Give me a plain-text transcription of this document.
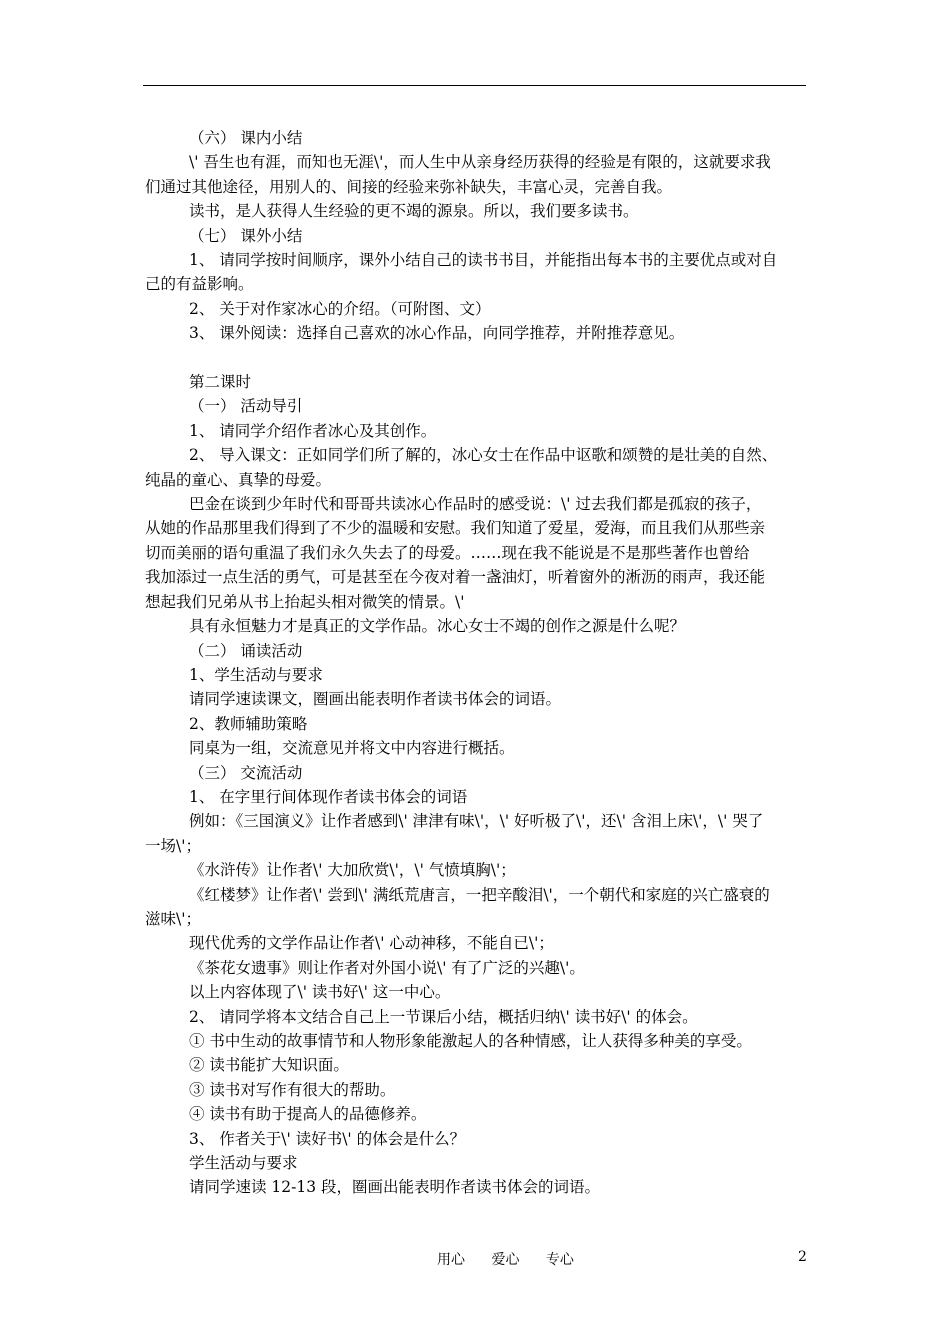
（六） 课内小结

\' 吾生也有涯，而知也无涯\'，而人生中从亲身经历获得的经验是有限的，这就要求我

们通过其他途径，用别人的、间接的经验来弥补缺失，丰富心灵，完善自我。

读书，是人获得人生经验的更不竭的源泉。所以，我们要多读书。

（七） 课外小结

1、 请同学按时间顺序，课外小结自己的读书书目，并能指出每本书的主要优点或对自

己的有益影响。

2、 关于对作家冰心的介绍。（可附图、文）

3、 课外阅读：选择自己喜欢的冰心作品，向同学推荐，并附推荐意见。

第二课时

（一） 活动导引

1、 请同学介绍作者冰心及其创作。

2、 导入课文：正如同学们所了解的，冰心女士在作品中讴歌和颂赞的是壮美的自然、

纯晶的童心、真挚的母爱。

巴金在谈到少年时代和哥哥共读冰心作品时的感受说：\' 过去我们都是孤寂的孩子，

从她的作品那里我们得到了不少的温暖和安慰。我们知道了爱星，爱海，而且我们从那些亲

切而美丽的语句重温了我们永久失去了的母爱。……现在我不能说是不是那些著作也曾给

我加添过一点生活的勇气，可是甚至在今夜对着一盏油灯，听着窗外的淅沥的雨声，我还能

想起我们兄弟从书上抬起头相对微笑的情景。\'

具有永恒魅力才是真正的文学作品。冰心女士不竭的创作之源是什么呢？

（二） 诵读活动

1、学生活动与要求

请同学速读课文，圈画出能表明作者读书体会的词语。

2、教师辅助策略

同桌为一组，交流意见并将文中内容进行概括。

（三） 交流活动

1、 在字里行间体现作者读书体会的词语

例如：《三国演义》让作者感到\' 津津有味\'，\' 好听极了\'，还\' 含泪上床\'，\' 哭了

一场\'；

《水浒传》让作者\' 大加欣赏\'，\' 气愤填胸\'；

《红楼梦》让作者\' 尝到\' 满纸荒唐言，一把辛酸泪\'，一个朝代和家庭的兴亡盛衰的

滋味\'；

现代优秀的文学作品让作者\' 心动神移，不能自已\'；

《茶花女遗事》则让作者对外国小说\' 有了广泛的兴趣\'。

以上内容体现了\' 读书好\' 这一中心。

2、 请同学将本文结合自己上一节课后小结，概括归纳\' 读书好\' 的体会。

① 书中生动的故事情节和人物形象能激起人的各种情感，让人获得多种美的享受。

② 读书能扩大知识面。

③ 读书对写作有很大的帮助。

④ 读书有助于提高人的品德修养。

3、 作者关于\' 读好书\' 的体会是什么？

学生活动与要求

请同学速读 12-13 段，圈画出能表明作者读书体会的词语。

用心 爱心 专心	2
